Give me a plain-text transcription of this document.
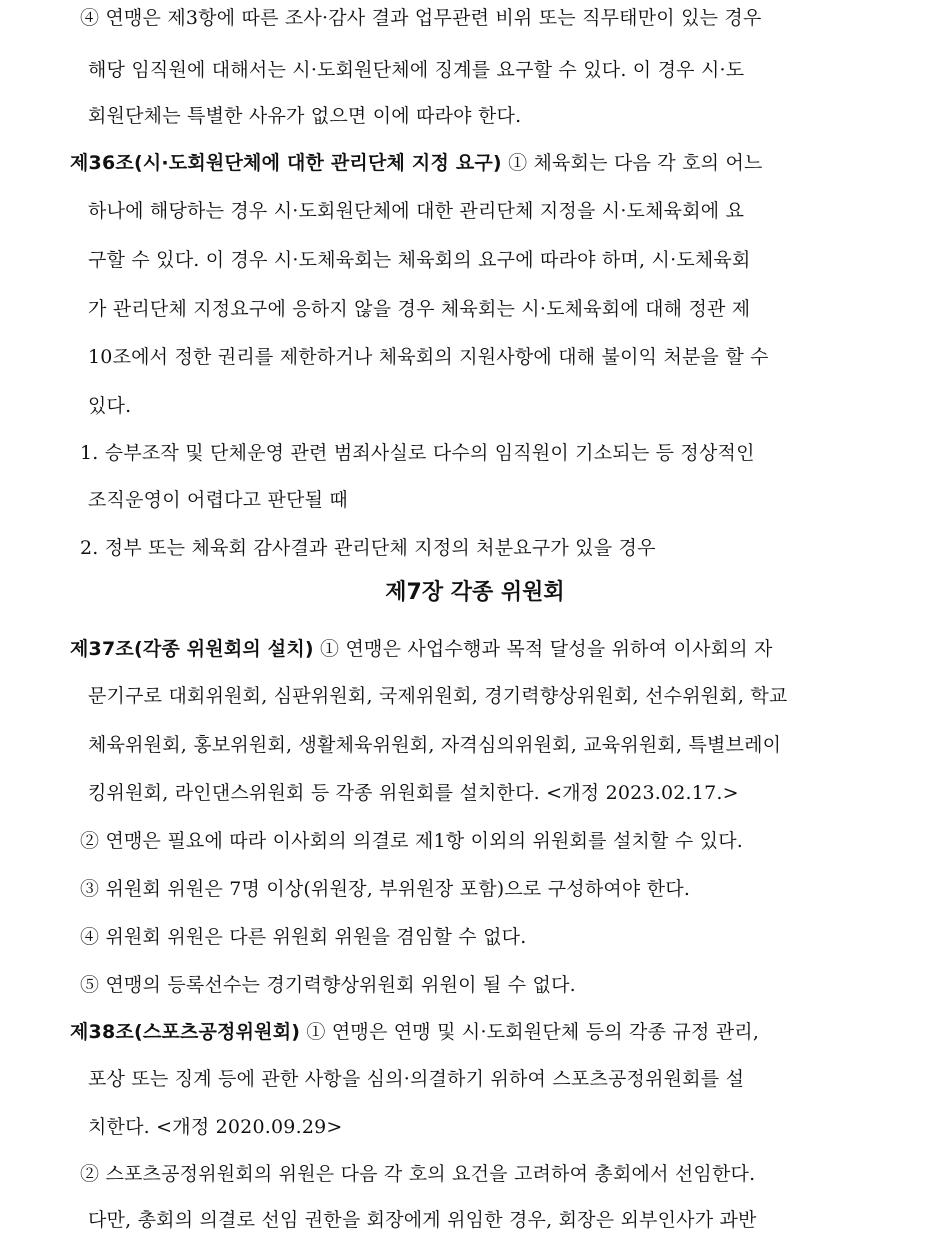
④ 연맹은 제3항에 따른 조사·감사 결과 업무관련 비위 또는 직무태만이 있는 경우
해당 임직원에 대해서는 시·도회원단체에 징계를 요구할 수 있다. 이 경우 시·도
회원단체는 특별한 사유가 없으면 이에 따라야 한다.
제36조(시·도회원단체에 대한 관리단체 지정 요구) ① 체육회는 다음 각 호의 어느
하나에 해당하는 경우 시·도회원단체에 대한 관리단체 지정을 시·도체육회에 요
구할 수 있다. 이 경우 시·도체육회는 체육회의 요구에 따라야 하며, 시·도체육회
가 관리단체 지정요구에 응하지 않을 경우 체육회는 시·도체육회에 대해 정관 제
10조에서 정한 권리를 제한하거나 체육회의 지원사항에 대해 불이익 처분을 할 수
있다.
1. 승부조작 및 단체운영 관련 범죄사실로 다수의 임직원이 기소되는 등 정상적인
조직운영이 어렵다고 판단될 때
2. 정부 또는 체육회 감사결과 관리단체 지정의 처분요구가 있을 경우
제7장 각종 위원회
제37조(각종 위원회의 설치) ① 연맹은 사업수행과 목적 달성을 위하여 이사회의 자
문기구로 대회위원회, 심판위원회, 국제위원회, 경기력향상위원회, 선수위원회, 학교
체육위원회, 홍보위원회, 생활체육위원회, 자격심의위원회, 교육위원회, 특별브레이
킹위원회, 라인댄스위원회 등 각종 위원회를 설치한다. <개정 2023.02.17.>
② 연맹은 필요에 따라 이사회의 의결로 제1항 이외의 위원회를 설치할 수 있다.
③ 위원회 위원은 7명 이상(위원장, 부위원장 포함)으로 구성하여야 한다.
④ 위원회 위원은 다른 위원회 위원을 겸임할 수 없다.
⑤ 연맹의 등록선수는 경기력향상위원회 위원이 될 수 없다.
제38조(스포츠공정위원회) ① 연맹은 연맹 및 시·도회원단체 등의 각종 규정 관리,
포상 또는 징계 등에 관한 사항을 심의·의결하기 위하여 스포츠공정위원회를 설
치한다. <개정 2020.09.29>
② 스포츠공정위원회의 위원은 다음 각 호의 요건을 고려하여 총회에서 선임한다.
다만, 총회의 의결로 선임 권한을 회장에게 위임한 경우, 회장은 외부인사가 과반
